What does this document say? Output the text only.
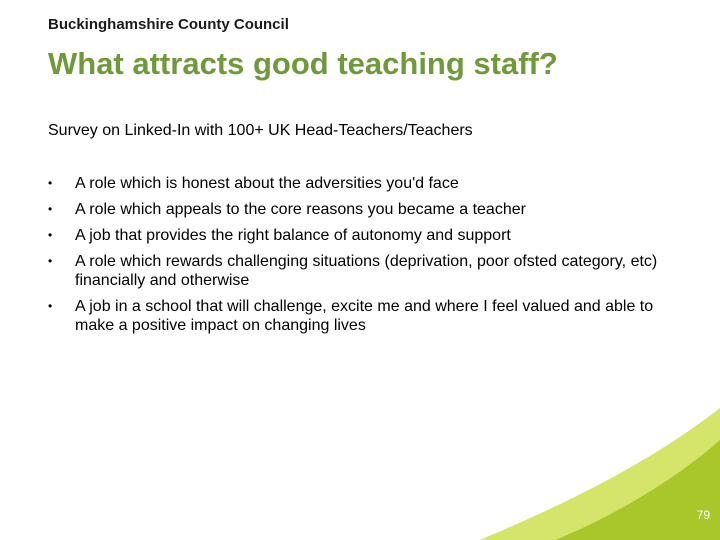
Buckinghamshire County Council
What attracts good teaching staff?
Survey on Linked-In with 100+ UK Head-Teachers/Teachers
•	A role which is honest about the adversities you'd face
•	A role which appeals to the core reasons you became a teacher
•	A job that provides the right balance of autonomy and support
•	A role which rewards challenging situations (deprivation, poor ofsted category, etc) financially and otherwise
•	A job in a school that will challenge, excite me and where I feel valued and able to make a positive impact on changing lives
79
